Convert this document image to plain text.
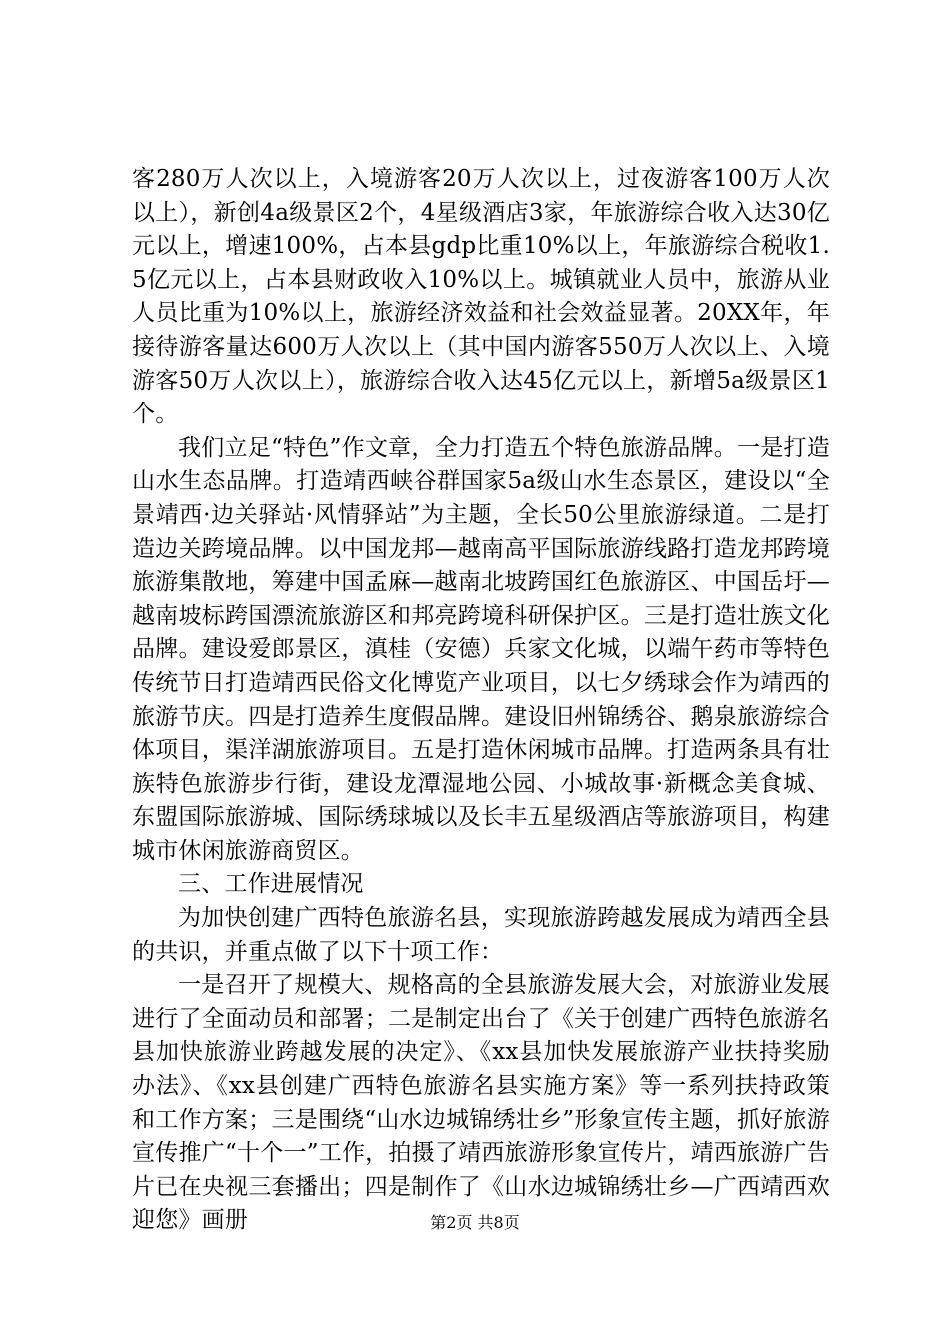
客280万人次以上，入境游客20万人次以上，过夜游客100万人次以上），新创4a级景区2个，4星级酒店3家，年旅游综合收入达30亿元以上，增速100%，占本县gdp比重10%以上，年旅游综合税收1.5亿元以上，占本县财政收入10%以上。城镇就业人员中，旅游从业人员比重为10%以上，旅游经济效益和社会效益显著。20XX年，年接待游客量达600万人次以上（其中国内游客550万人次以上、入境游客50万人次以上），旅游综合收入达45亿元以上，新增5a级景区1个。

我们立足“特色”作文章，全力打造五个特色旅游品牌。一是打造山水生态品牌。打造靖西峡谷群国家5a级山水生态景区，建设以“全景靖西·边关驿站·风情驿站”为主题，全长50公里旅游绿道。二是打造边关跨境品牌。以中国龙邦—越南高平国际旅游线路打造龙邦跨境旅游集散地，筹建中国孟麻—越南北坡跨国红色旅游区、中国岳圩—越南坡标跨国漂流旅游区和邦亮跨境科研保护区。三是打造壮族文化品牌。建设爱郎景区，滇桂（安德）兵家文化城，以端午药市等特色传统节日打造靖西民俗文化博览产业项目，以七夕绣球会作为靖西的旅游节庆。四是打造养生度假品牌。建设旧州锦绣谷、鹅泉旅游综合体项目，渠洋湖旅游项目。五是打造休闲城市品牌。打造两条具有壮族特色旅游步行街，建设龙潭湿地公园、小城故事·新概念美食城、东盟国际旅游城、国际绣球城以及长丰五星级酒店等旅游项目，构建城市休闲旅游商贸区。

三、工作进展情况

为加快创建广西特色旅游名县，实现旅游跨越发展成为靖西全县的共识，并重点做了以下十项工作：

一是召开了规模大、规格高的全县旅游发展大会，对旅游业发展进行了全面动员和部署；二是制定出台了《关于创建广西特色旅游名县加快旅游业跨越发展的决定》、《xx县加快发展旅游产业扶持奖励办法》、《xx县创建广西特色旅游名县实施方案》等一系列扶持政策和工作方案；三是围绕“山水边城锦绣壮乡”形象宣传主题，抓好旅游宣传推广“十个一”工作，拍摄了靖西旅游形象宣传片，靖西旅游广告片已在央视三套播出；四是制作了《山水边城锦绣壮乡—广西靖西欢迎您》画册	第2页 共8页
